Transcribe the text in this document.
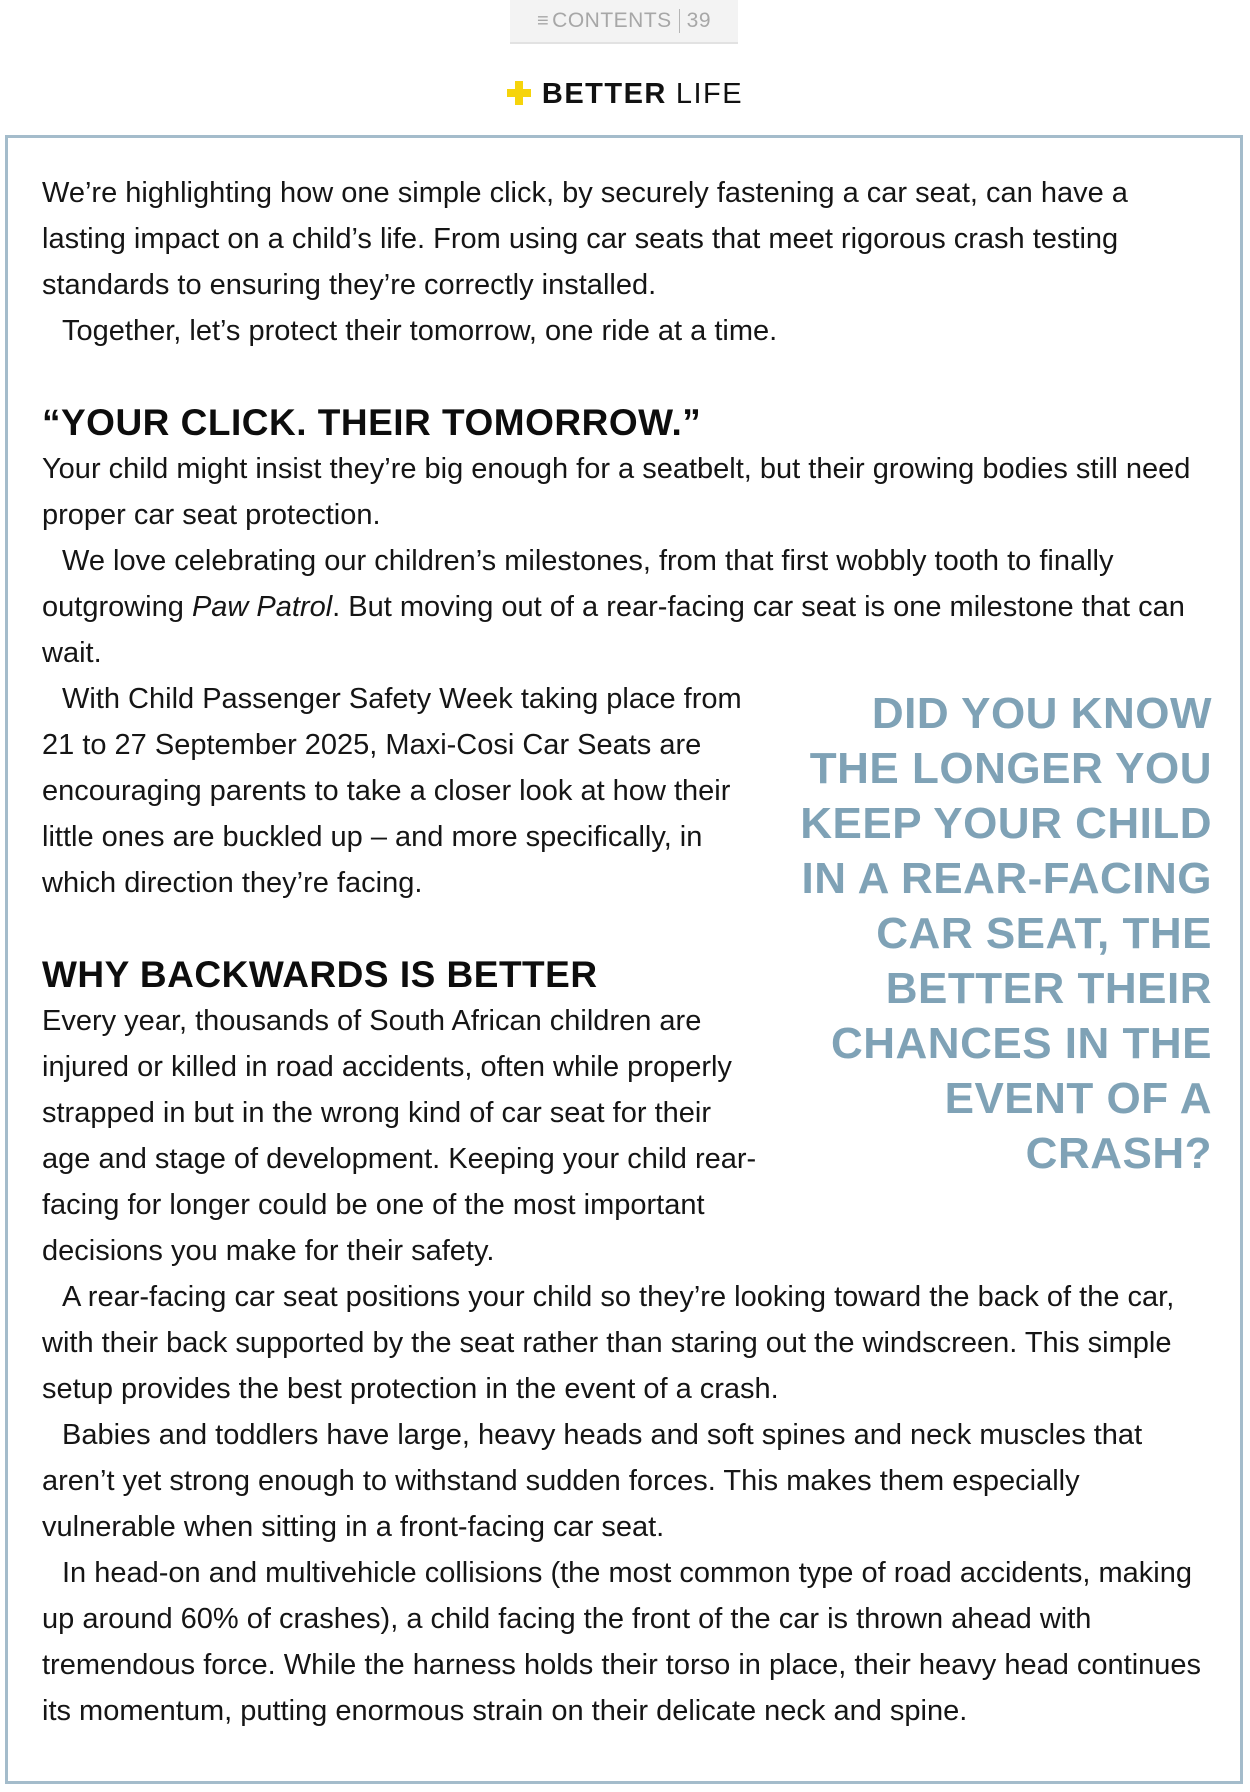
≡ CONTENTS 39
BETTER LIFE

We’re highlighting how one simple click, by securely fastening a car seat, can have a lasting impact on a child’s life. From using car seats that meet rigorous crash testing standards to ensuring they’re correctly installed.

Together, let’s protect their tomorrow, one ride at a time.

“YOUR CLICK. THEIR TOMORROW.”

Your child might insist they’re big enough for a seatbelt, but their growing bodies still need proper car seat protection.

We love celebrating our children’s milestones, from that first wobbly tooth to finally outgrowing Paw Patrol. But moving out of a rear-facing car seat is one milestone that can wait.

DID YOU KNOW THE LONGER YOU KEEP YOUR CHILD IN A REAR-FACING CAR SEAT, THE BETTER THEIR CHANCES IN THE EVENT OF A CRASH?

With Child Passenger Safety Week taking place from 21 to 27 September 2025, Maxi-Cosi Car Seats are encouraging parents to take a closer look at how their little ones are buckled up – and more specifically, in which direction they’re facing.

WHY BACKWARDS IS BETTER

Every year, thousands of South African children are injured or killed in road accidents, often while properly strapped in but in the wrong kind of car seat for their age and stage of development. Keeping your child rear-facing for longer could be one of the most important decisions you make for their safety.

A rear-facing car seat positions your child so they’re looking toward the back of the car, with their back supported by the seat rather than staring out the windscreen. This simple setup provides the best protection in the event of a crash.

Babies and toddlers have large, heavy heads and soft spines and neck muscles that aren’t yet strong enough to withstand sudden forces. This makes them especially vulnerable when sitting in a front-facing car seat.

In head-on and multivehicle collisions (the most common type of road accidents, making up around 60% of crashes), a child facing the front of the car is thrown ahead with tremendous force. While the harness holds their torso in place, their heavy head continues its momentum, putting enormous strain on their delicate neck and spine.
